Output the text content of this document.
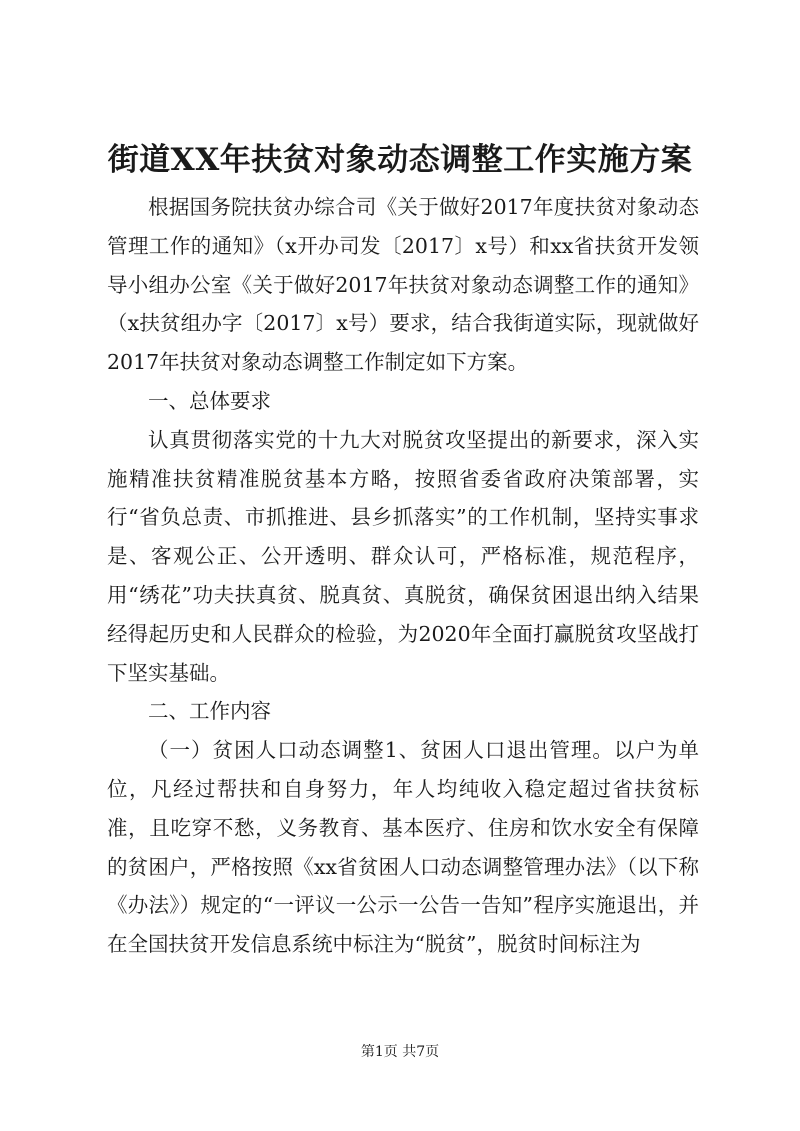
街道XX年扶贫对象动态调整工作实施方案

根据国务院扶贫办综合司《关于做好2017年度扶贫对象动态管理工作的通知》（x开办司发〔2017〕x号）和xx省扶贫开发领导小组办公室《关于做好2017年扶贫对象动态调整工作的通知》（x扶贫组办字〔2017〕x号）要求，结合我街道实际，现就做好2017年扶贫对象动态调整工作制定如下方案。

一、总体要求

认真贯彻落实党的十九大对脱贫攻坚提出的新要求，深入实施精准扶贫精准脱贫基本方略，按照省委省政府决策部署，实行“省负总责、市抓推进、县乡抓落实”的工作机制，坚持实事求是、客观公正、公开透明、群众认可，严格标准，规范程序，用“绣花”功夫扶真贫、脱真贫、真脱贫，确保贫困退出纳入结果经得起历史和人民群众的检验，为2020年全面打赢脱贫攻坚战打下坚实基础。

二、工作内容

（一）贫困人口动态调整1、贫困人口退出管理。以户为单位，凡经过帮扶和自身努力，年人均纯收入稳定超过省扶贫标准，且吃穿不愁，义务教育、基本医疗、住房和饮水安全有保障的贫困户，严格按照《xx省贫困人口动态调整管理办法》（以下称《办法》）规定的“一评议一公示一公告一告知”程序实施退出，并在全国扶贫开发信息系统中标注为“脱贫”，脱贫时间标注为

第1页 共7页
